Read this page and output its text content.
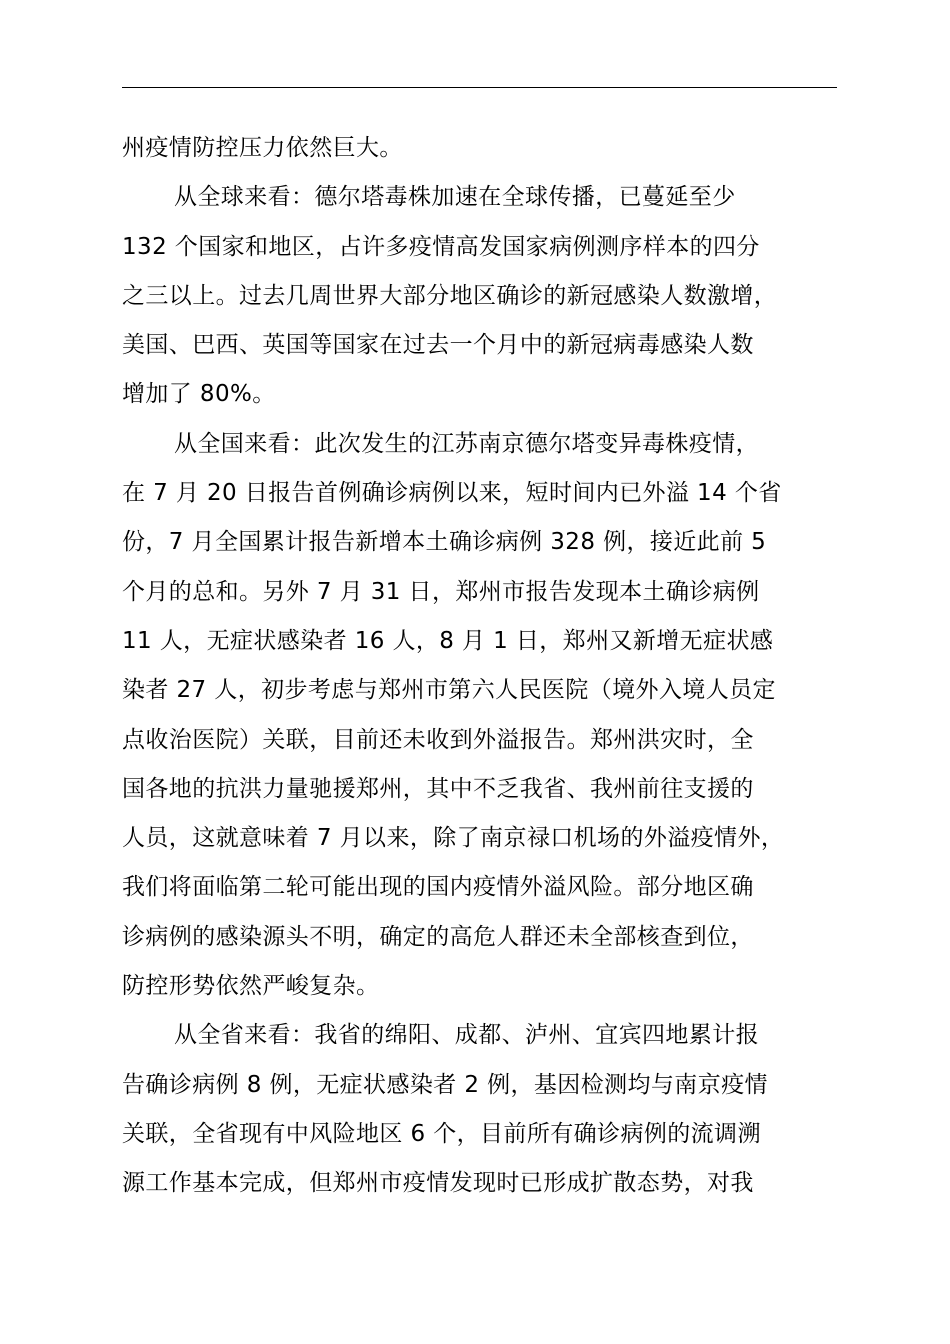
州疫情防控压力依然巨大。
从全球来看：德尔塔毒株加速在全球传播，已蔓延至少
132 个国家和地区，占许多疫情高发国家病例测序样本的四分
之三以上。过去几周世界大部分地区确诊的新冠感染人数激增，
美国、巴西、英国等国家在过去一个月中的新冠病毒感染人数
增加了 80%。
从全国来看：此次发生的江苏南京德尔塔变异毒株疫情，
在 7 月 20 日报告首例确诊病例以来，短时间内已外溢 14 个省
份，7 月全国累计报告新增本土确诊病例 328 例，接近此前 5
个月的总和。另外 7 月 31 日，郑州市报告发现本土确诊病例
11 人，无症状感染者 16 人，8 月 1 日，郑州又新增无症状感
染者 27 人，初步考虑与郑州市第六人民医院（境外入境人员定
点收治医院）关联，目前还未收到外溢报告。郑州洪灾时，全
国各地的抗洪力量驰援郑州，其中不乏我省、我州前往支援的
人员，这就意味着 7 月以来，除了南京禄口机场的外溢疫情外，
我们将面临第二轮可能出现的国内疫情外溢风险。部分地区确
诊病例的感染源头不明，确定的高危人群还未全部核查到位，
防控形势依然严峻复杂。
从全省来看：我省的绵阳、成都、泸州、宜宾四地累计报
告确诊病例 8 例，无症状感染者 2 例，基因检测均与南京疫情
关联，全省现有中风险地区 6 个，目前所有确诊病例的流调溯
源工作基本完成，但郑州市疫情发现时已形成扩散态势，对我
